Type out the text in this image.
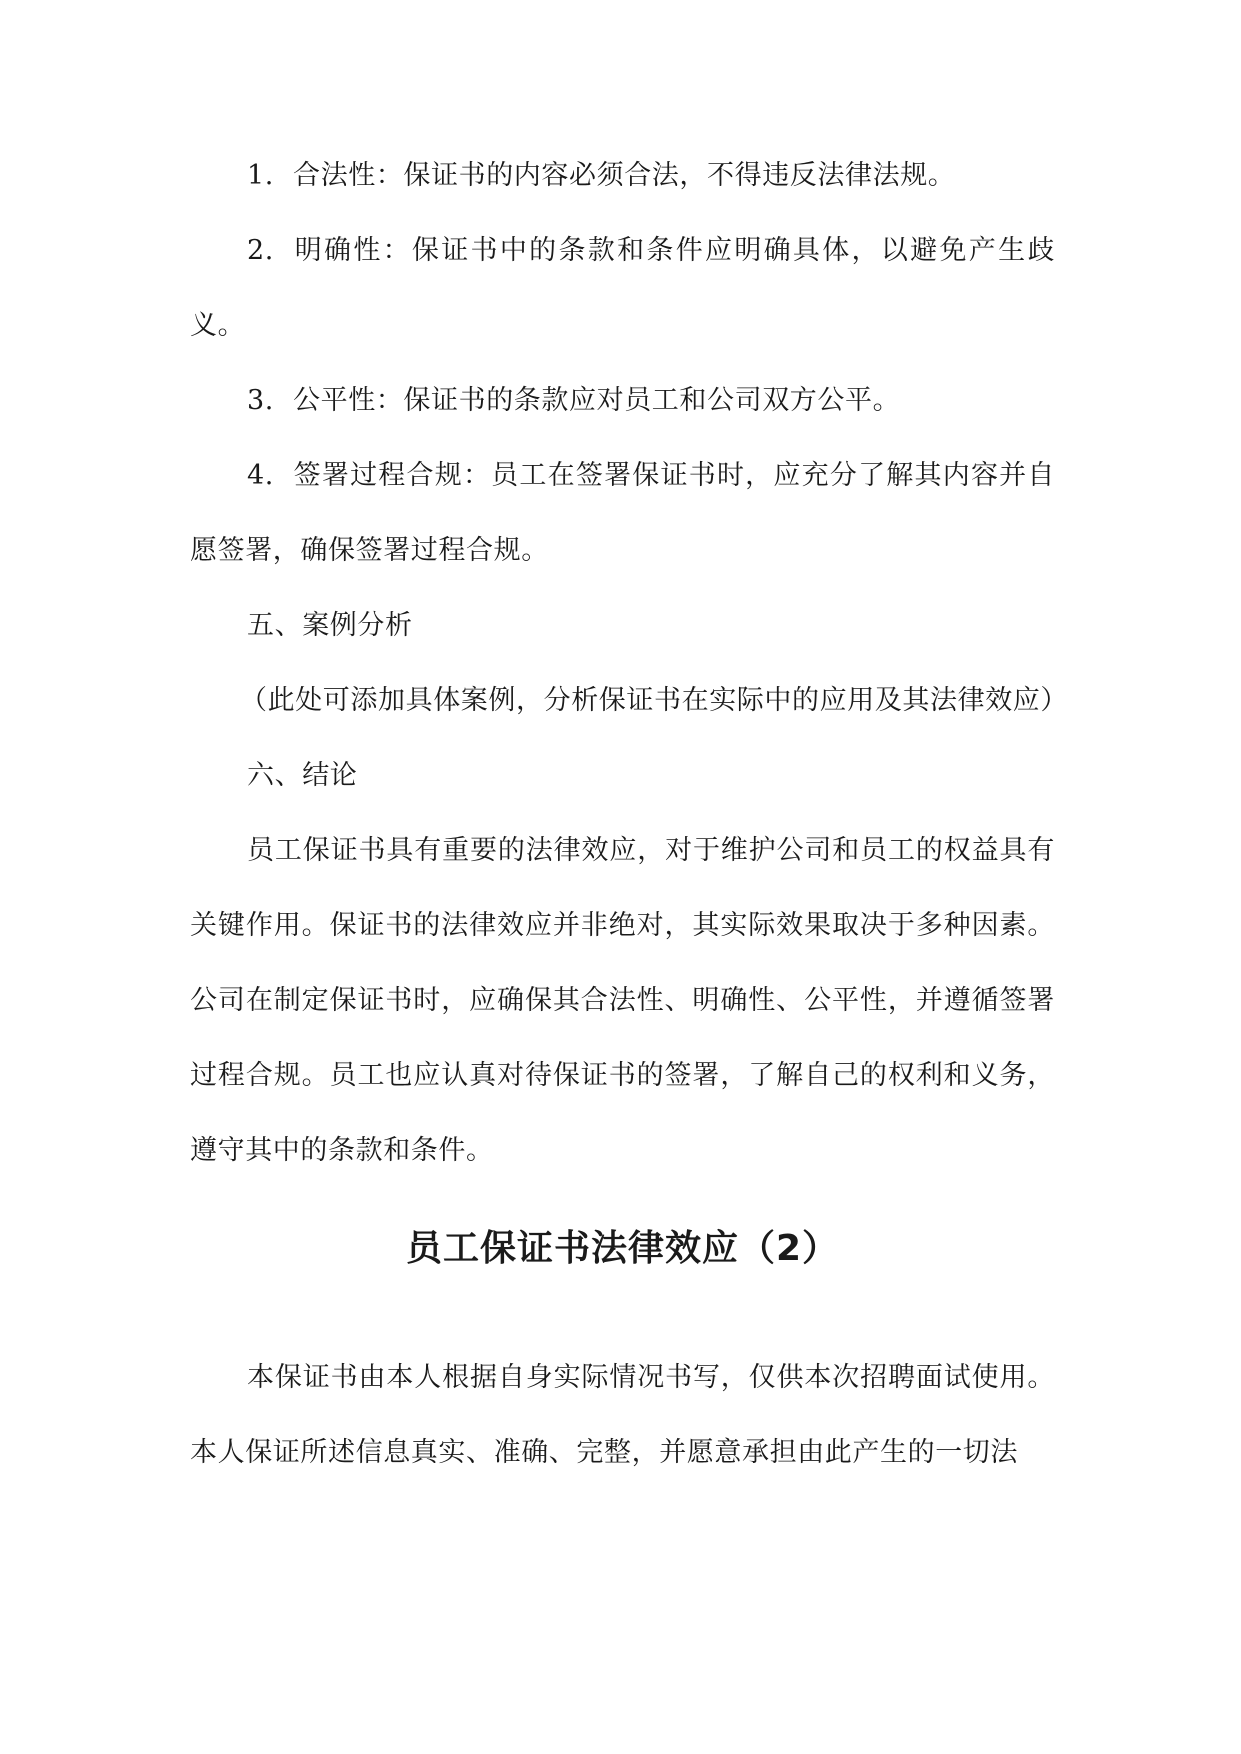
1. 合法性：保证书的内容必须合法，不得违反法律法规。

2. 明确性：保证书中的条款和条件应明确具体，以避免产生歧义。

3. 公平性：保证书的条款应对员工和公司双方公平。

4. 签署过程合规：员工在签署保证书时，应充分了解其内容并自愿签署，确保签署过程合规。

五、案例分析

（此处可添加具体案例，分析保证书在实际中的应用及其法律效应）

六、结论

员工保证书具有重要的法律效应，对于维护公司和员工的权益具有关键作用。保证书的法律效应并非绝对，其实际效果取决于多种因素。公司在制定保证书时，应确保其合法性、明确性、公平性，并遵循签署过程合规。员工也应认真对待保证书的签署，了解自己的权利和义务，遵守其中的条款和条件。

员工保证书法律效应（2）

本保证书由本人根据自身实际情况书写，仅供本次招聘面试使用。本人保证所述信息真实、准确、完整，并愿意承担由此产生的一切法
